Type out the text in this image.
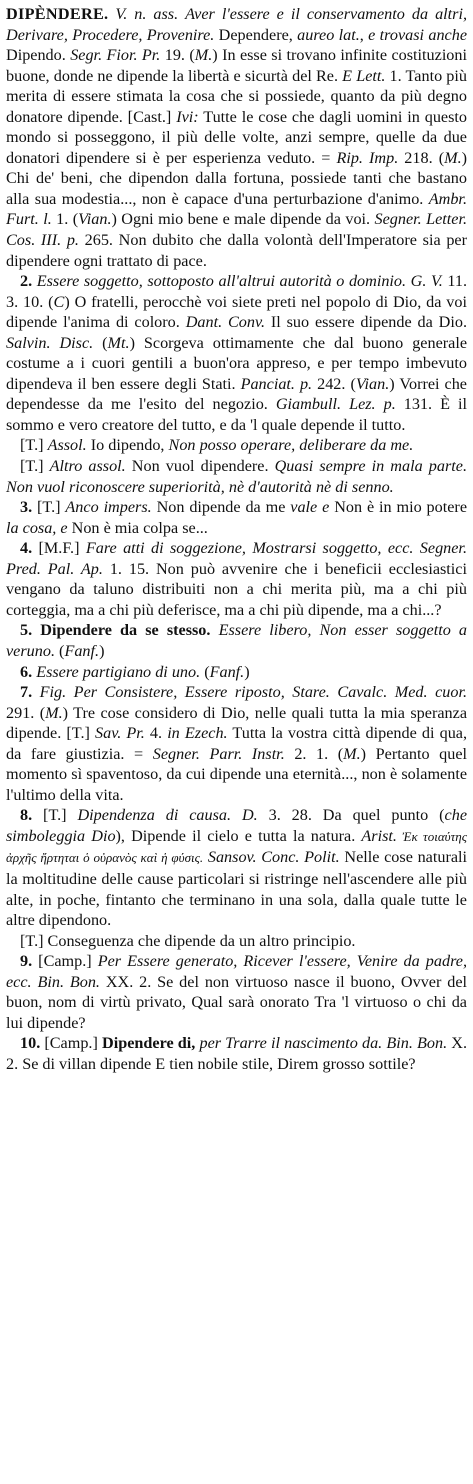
DIPÈNDERE. V. n. ass. Aver l'essere e il conservamento da altri, Derivare, Procedere, Provenire. Dependere, aureo lat., e trovasi anche Dipendo. Segr. Fior. Pr. 19. (M.) In esse si trovano infinite costituzioni buone, donde ne dipende la libertà e sicurtà del Re. E Lett. 1. Tanto più merita di essere stimata la cosa che si possiede, quanto da più degno donatore dipende. [Cast.] Ivi: Tutte le cose che dagli uomini in questo mondo si posseggono, il più delle volte, anzi sempre, quelle da due donatori dipendere si è per esperienza veduto. = Rip. Imp. 218. (M.) Chi de' beni, che dipendon dalla fortuna, possiede tanti che bastano alla sua modestia..., non è capace d'una perturbazione d'animo. Ambr. Furt. l. 1. (Vian.) Ogni mio bene e male dipende da voi. Segner. Letter. Cos. III. p. 265. Non dubito che dalla volontà dell'Imperatore sia per dipendere ogni trattato di pace.

2. Essere soggetto, sottoposto all'altrui autorità o dominio. G. V. 11. 3. 10. (C) O fratelli, perocchè voi siete preti nel popolo di Dio, da voi dipende l'anima di coloro. Dant. Conv. Il suo essere dipende da Dio. Salvin. Disc. (Mt.) Scorgeva ottimamente che dal buono generale costume a i cuori gentili a buon'ora appreso, e per tempo imbevuto dipendeva il ben essere degli Stati. Panciat. p. 242. (Vian.) Vorrei che dependesse da me l'esito del negozio. Giambull. Lez. p. 131. È il sommo e vero creatore del tutto, e da 'l quale depende il tutto.

[T.] Assol. Io dipendo, Non posso operare, deliberare da me.

[T.] Altro assol. Non vuol dipendere. Quasi sempre in mala parte. Non vuol riconoscere superiorità, nè d'autorità nè di senno.

3. [T.] Anco impers. Non dipende da me vale e Non è in mio potere la cosa, e Non è mia colpa se...

4. [M.F.] Fare atti di soggezione, Mostrarsi soggetto, ecc. Segner. Pred. Pal. Ap. 1. 15. Non può avvenire che i beneficii ecclesiastici vengano da taluno distribuiti non a chi merita più, ma a chi più corteggia, ma a chi più deferisce, ma a chi più dipende, ma a chi...?

5. Dipendere da se stesso. Essere libero, Non esser soggetto a veruno. (Fanf.)

6. Essere partigiano di uno. (Fanf.)

7. Fig. Per Consistere, Essere riposto, Stare. Cavalc. Med. cuor. 291. (M.) Tre cose considero di Dio, nelle quali tutta la mia speranza dipende. [T.] Sav. Pr. 4. in Ezech. Tutta la vostra città dipende di qua, da fare giustizia. = Segner. Parr. Instr. 2. 1. (M.) Pertanto quel momento sì spaventoso, da cui dipende una eternità..., non è solamente l'ultimo della vita.

8. [T.] Dipendenza di causa. D. 3. 28. Da quel punto (che simboleggia Dio), Dipende il cielo e tutta la natura. Arist. Ἐκ τοιαύτης ἀρχῆς ἤρτηται ὁ οὐρανὸς καὶ ἡ φύσις. Sansov. Conc. Polit. Nelle cose naturali la moltitudine delle cause particolari si ristringe nell'ascendere alle più alte, in poche, fintanto che terminano in una sola, dalla quale tutte le altre dipendono.

[T.] Conseguenza che dipende da un altro principio.

9. [Camp.] Per Essere generato, Ricever l'essere, Venire da padre, ecc. Bin. Bon. XX. 2. Se del non virtuoso nasce il buono, Ovver del buon, nom di virtù privato, Qual sarà onorato Tra 'l virtuoso o chi da lui dipende?

10. [Camp.] Dipendere di, per Trarre il nascimento da. Bin. Bon. X. 2. Se di villan dipende E tien nobile stile, Direm grosso sottile?
